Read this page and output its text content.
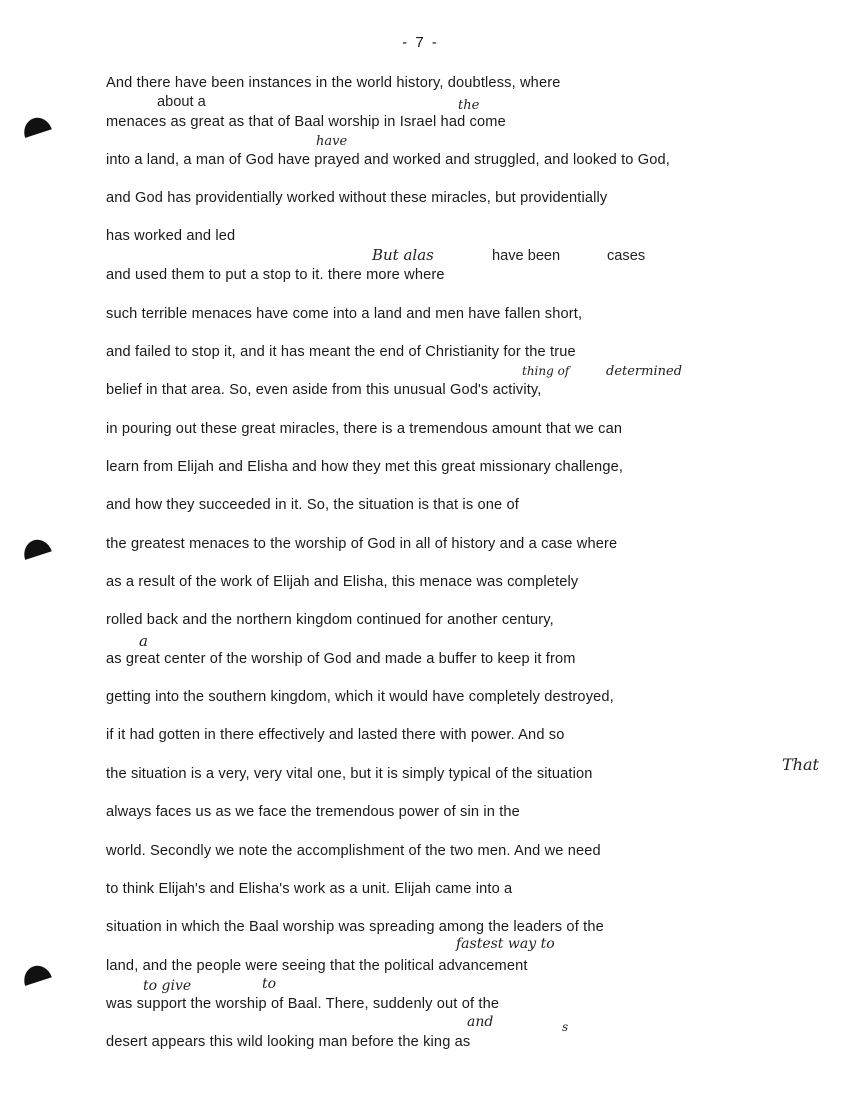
- 7 -
And there have been instances in the world history, doubtless, where
menaces as great as that of Baal worship in Israel had come
into a land, a man of God have prayed and worked and struggled, and looked to God,
and God has providentially worked without these miracles, but providentially
has worked and led
and used them to put a stop to it. there more where
such terrible menaces have come into a land and men have fallen short,
and failed to stop it, and it has meant the end of Christianity for the true
belief in that area. So, even aside from this unusual God's activity,
in pouring out these great miracles, there is a tremendous amount that we can
learn from Elijah and Elisha and how they met this great missionary challenge,
and how they succeeded in it. So, the situation is that is one of
the greatest menaces to the worship of God in all of history and a case where
as a result of the work of Elijah and Elisha, this menace was completely
rolled back and the northern kingdom continued for another century,
as great center of the worship of God and made a buffer to keep it from
getting into the southern kingdom, which it would have completely destroyed,
if it had gotten in there effectively and lasted there with power. And so
the situation is a very, very vital one, but it is simply typical of the situation
always faces us as we face the tremendous power of sin in the
world. Secondly we note the accomplishment of the two men. And we need
to think Elijah's and Elisha's work as a unit. Elijah came into a
situation in which the Baal worship was spreading among the leaders of the
land, and the people were seeing that the political advancement
was support the worship of Baal. There, suddenly out of the
desert appears this wild looking man before the king as
about a	the
have
But alas	have been	cases
thing of	determined
a
That
fastest way to
to give	to
and	s
